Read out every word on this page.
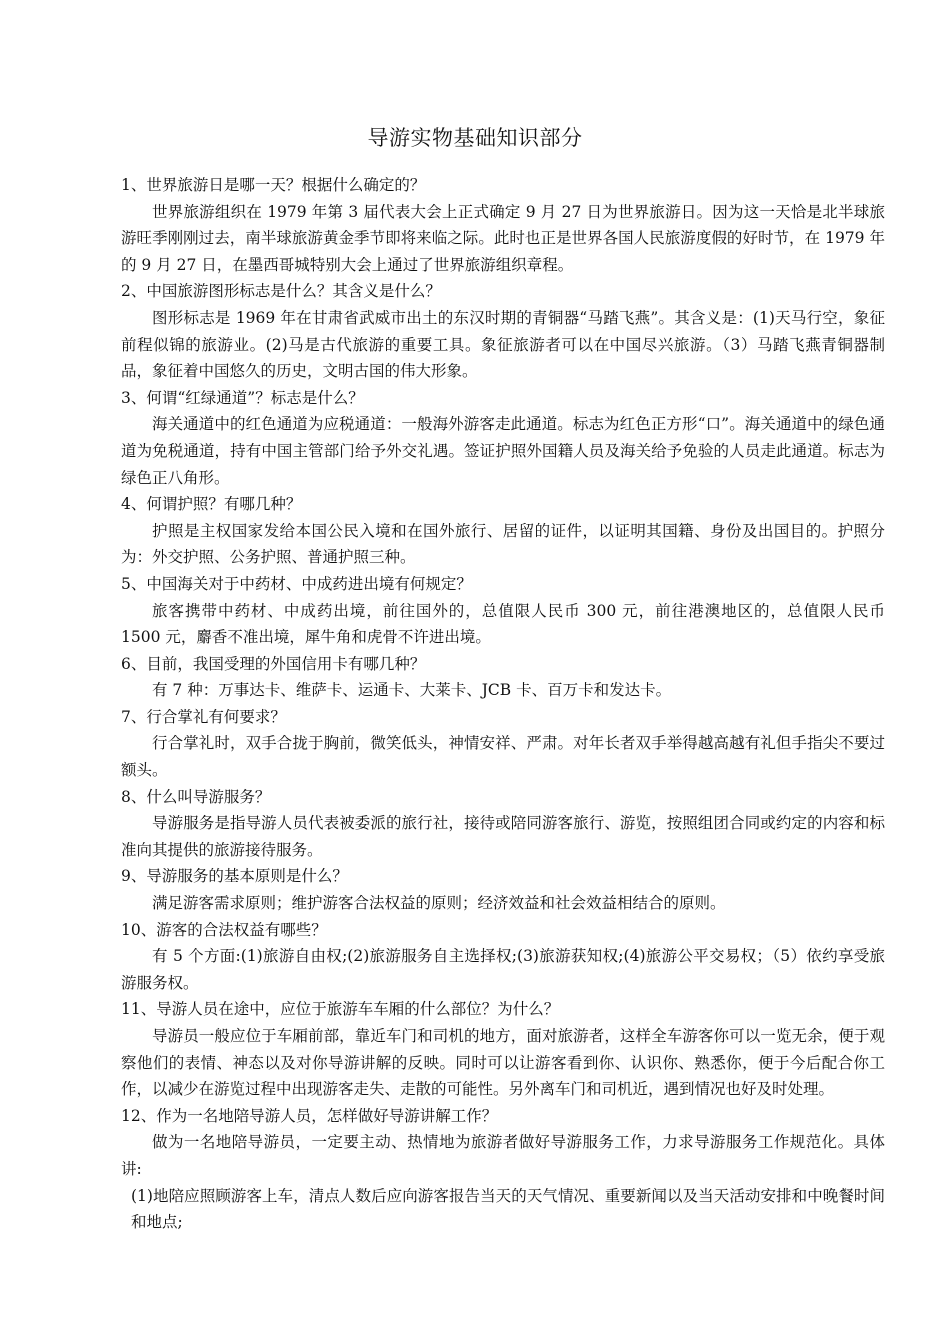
导游实物基础知识部分

1、世界旅游日是哪一天？根据什么确定的？

世界旅游组织在 1979 年第 3 届代表大会上正式确定 9 月 27 日为世界旅游日。因为这一天恰是北半球旅游旺季刚刚过去，南半球旅游黄金季节即将来临之际。此时也正是世界各国人民旅游度假的好时节，在 1979 年的 9 月 27 日，在墨西哥城特别大会上通过了世界旅游组织章程。

2、中国旅游图形标志是什么？其含义是什么？

图形标志是 1969 年在甘肃省武威市出土的东汉时期的青铜器“马踏飞燕”。其含义是：(1)天马行空，象征前程似锦的旅游业。(2)马是古代旅游的重要工具。象征旅游者可以在中国尽兴旅游。（3）马踏飞燕青铜器制品，象征着中国悠久的历史，文明古国的伟大形象。

3、何谓“红绿通道”？标志是什么？

海关通道中的红色通道为应税通道：一般海外游客走此通道。标志为红色正方形“口”。海关通道中的绿色通道为免税通道，持有中国主管部门给予外交礼遇。签证护照外国籍人员及海关给予免验的人员走此通道。标志为绿色正八角形。

4、何谓护照？有哪几种？

护照是主权国家发给本国公民入境和在国外旅行、居留的证件，以证明其国籍、身份及出国目的。护照分为：外交护照、公务护照、普通护照三种。

5、中国海关对于中药材、中成药进出境有何规定？

旅客携带中药材、中成药出境，前往国外的，总值限人民币 300 元，前往港澳地区的，总值限人民币 1500 元，麝香不准出境，犀牛角和虎骨不许进出境。

6、目前，我国受理的外国信用卡有哪几种？

有 7 种：万事达卡、维萨卡、运通卡、大莱卡、JCB 卡、百万卡和发达卡。

7、行合掌礼有何要求？

行合掌礼时，双手合拢于胸前，微笑低头，神情安祥、严肃。对年长者双手举得越高越有礼但手指尖不要过额头。

8、什么叫导游服务？

导游服务是指导游人员代表被委派的旅行社，接待或陪同游客旅行、游览，按照组团合同或约定的内容和标准向其提供的旅游接待服务。

9、导游服务的基本原则是什么？

满足游客需求原则；维护游客合法权益的原则；经济效益和社会效益相结合的原则。

10、游客的合法权益有哪些？

有 5 个方面:(1)旅游自由权;(2)旅游服务自主选择权;(3)旅游获知权;(4)旅游公平交易权；（5）依约享受旅游服务权。

11、导游人员在途中，应位于旅游车车厢的什么部位？为什么？

导游员一般应位于车厢前部，靠近车门和司机的地方，面对旅游者，这样全车游客你可以一览无余，便于观察他们的表情、神态以及对你导游讲解的反映。同时可以让游客看到你、认识你、熟悉你，便于今后配合你工作，以减少在游览过程中出现游客走失、走散的可能性。另外离车门和司机近，遇到情况也好及时处理。

12、作为一名地陪导游人员，怎样做好导游讲解工作？

做为一名地陪导游员，一定要主动、热情地为旅游者做好导游服务工作，力求导游服务工作规范化。具体讲:

(1)地陪应照顾游客上车，清点人数后应向游客报告当天的天气情况、重要新闻以及当天活动安排和中晚餐时间和地点;
